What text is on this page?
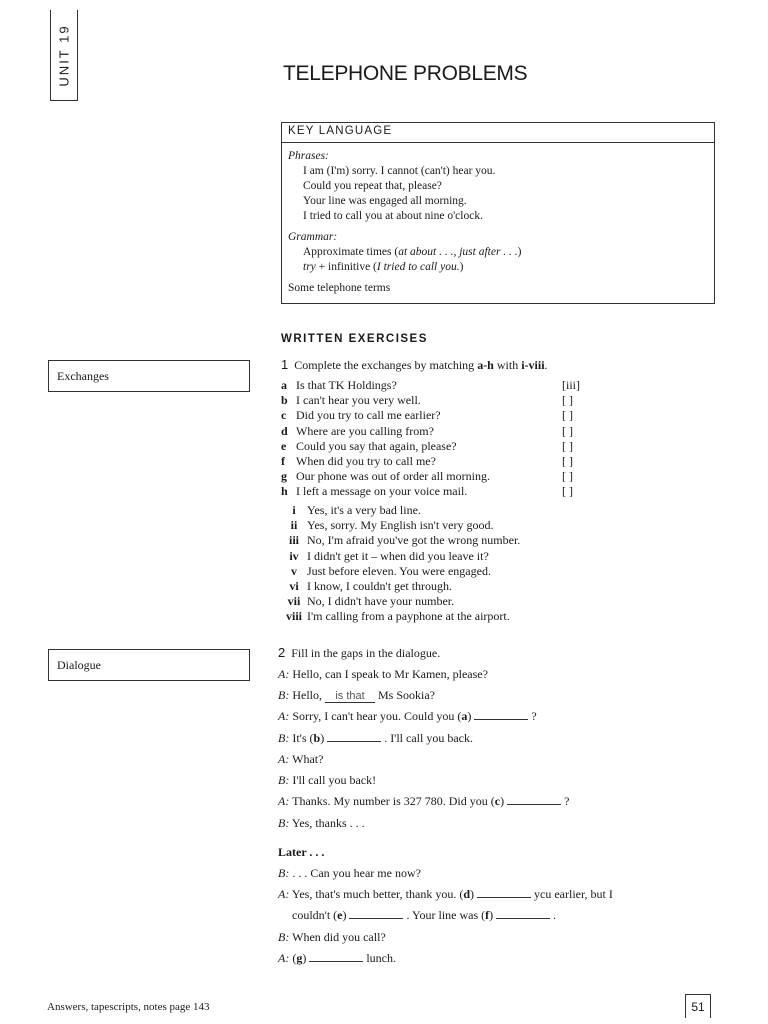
UNIT 19	TELEPHONE PROBLEMS
KEY LANGUAGE
Phrases:
I am (I'm) sorry. I cannot (can't) hear you.
Could you repeat that, please?
Your line was engaged all morning.
I tried to call you at about nine o'clock.
Grammar:
Approximate times (at about . . ., just after . . .)
try + infinitive (I tried to call you.)
Some telephone terms
WRITTEN EXERCISES
Exchanges
1 Complete the exchanges by matching a-h with i-viii.
a Is that TK Holdings?	[iii]
b I can't hear you very well.	[ ]
c Did you try to call me earlier?	[ ]
d Where are you calling from?	[ ]
e Could you say that again, please?	[ ]
f When did you try to call me?	[ ]
g Our phone was out of order all morning.	[ ]
h I left a message on your voice mail.	[ ]
i Yes, it's a very bad line.
ii Yes, sorry. My English isn't very good.
iii No, I'm afraid you've got the wrong number.
iv I didn't get it – when did you leave it?
v Just before eleven. You were engaged.
vi I know, I couldn't get through.
vii No, I didn't have your number.
viii I'm calling from a payphone at the airport.
Dialogue
2 Fill in the gaps in the dialogue.
A: Hello, can I speak to Mr Kamen, please?
B: Hello, is that Ms Sookia?
A: Sorry, I can't hear you. Could you (a)	?
B: It's (b)	. I'll call you back.
A: What?
B: I'll call you back!
A: Thanks. My number is 327 780. Did you (c)	?
B: Yes, thanks . . .
Later . . .
B: . . . Can you hear me now?
A: Yes, that's much better, thank you. (d)	ycu earlier, but I
couldn't (e)	. Your line was (f)	.
B: When did you call?
A: (g)	lunch.
Answers, tapescripts, notes page 143	51
